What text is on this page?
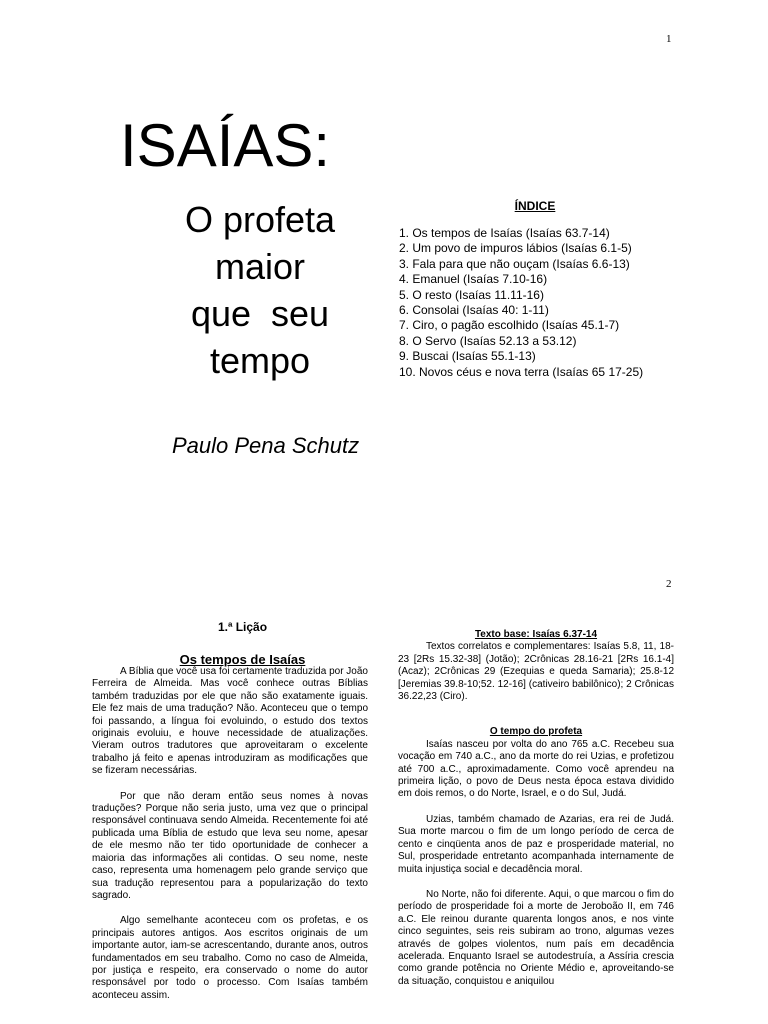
1
ISAÍAS:
O profeta
maior
que  seu
tempo
Paulo Pena Schutz
ÍNDICE
1. Os tempos de Isaías (Isaías 63.7-14)
2. Um povo de impuros lábios (Isaías 6.1-5)
3. Fala para que não ouçam (Isaías 6.6-13)
4. Emanuel (Isaías 7.10-16)
5. O resto (Isaías 11.11-16)
6. Consolai (Isaías 40: 1-11)
7. Ciro, o pagão escolhido (Isaías 45.1-7)
8. O Servo (Isaías 52.13 a 53.12)
9. Buscai (Isaías 55.1-13)
10. Novos céus e nova terra (Isaías 65 17-25)
2
1.ª Lição
Os tempos de Isaías

A Bíblia que você usa foi certamente traduzida por João Ferreira de Almeida. Mas você conhece outras Bíblias também traduzidas por ele que não são exatamente iguais. Ele fez mais de uma tradução? Não. Aconteceu que o tempo foi passando, a língua foi evoluindo, o estudo dos textos originais evoluiu, e houve necessidade de atualizações. Vieram outros tradutores que aproveitaram o excelente trabalho já feito e apenas introduziram as modificações que se fizeram necessárias.

Por que não deram então seus nomes à novas traduções? Porque não seria justo, uma vez que o principal responsável continuava sendo Almeida. Recentemente foi até publicada uma Bíblia de estudo que leva seu nome, apesar de ele mesmo não ter tido oportunidade de conhecer a maioria das informações ali contidas. O seu nome, neste caso, representa uma homenagem pelo grande serviço que sua tradução representou para a popularização do texto sagrado.

Algo semelhante aconteceu com os profetas, e os principais autores antigos. Aos escritos originais de um importante autor, iam-se acrescentando, durante anos, outros fundamentados em seu trabalho. Como no caso de Almeida, por justiça e respeito, era conservado o nome do autor responsável por todo o processo. Com Isaías também aconteceu assim.

Texto base: Isaías 6.37-14

Textos correlatos e complementares: Isaías 5.8, 11, 18-23 [2Rs 15.32-38] (Jotão); 2Crônicas 28.16-21 [2Rs 16.1-4] (Acaz); 2Crônicas 29 (Ezequias e queda Samaria); 25.8-12 [Jeremias 39.8-10;52. 12-16] (cativeiro babilônico); 2 Crônicas 36.22,23 (Ciro).

O tempo do profeta

Isaías nasceu por volta do ano 765 a.C. Recebeu sua vocação em 740 a.C., ano da morte do rei Uzias, e profetizou até 700 a.C., aproximadamente. Como você aprendeu na primeira lição, o povo de Deus nesta época estava dividido em dois remos, o do Norte, Israel, e o do Sul, Judá.

Uzias, também chamado de Azarias, era rei de Judá. Sua morte marcou o fim de um longo período de cerca de cento e cinqüenta anos de paz e prosperidade material, no Sul, prosperidade entretanto acompanhada internamente de muita injustiça social e decadência moral.

No Norte, não foi diferente. Aqui, o que marcou o fim do período de prosperidade foi a morte de Jeroboão II, em 746 a.C. Ele reinou durante quarenta longos anos, e nos vinte cinco seguintes, seis reis subiram ao trono, algumas vezes através de golpes violentos, num país em decadência acelerada. Enquanto Israel se autodestruía, a Assíria crescia como grande potência no Oriente Médio e, aproveitando-se da situação, conquistou e aniquilou
